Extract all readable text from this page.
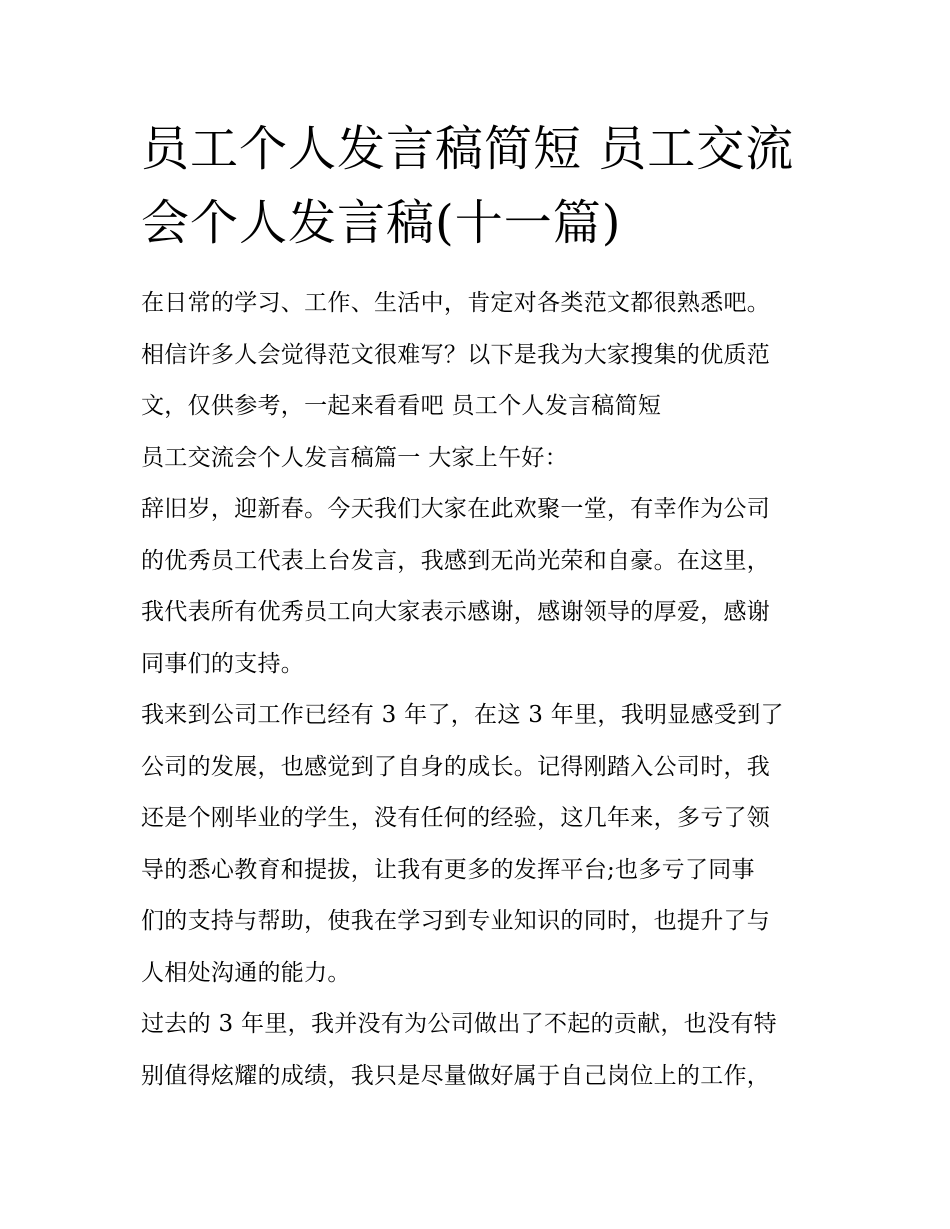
员工个人发言稿简短 员工交流
会个人发言稿(十一篇)

在日常的学习、工作、生活中，肯定对各类范文都很熟悉吧。
相信许多人会觉得范文很难写？以下是我为大家搜集的优质范
文，仅供参考，一起来看看吧 员工个人发言稿简短

员工交流会个人发言稿篇一 大家上午好：

辞旧岁，迎新春。今天我们大家在此欢聚一堂，有幸作为公司
的优秀员工代表上台发言，我感到无尚光荣和自豪。在这里，
我代表所有优秀员工向大家表示感谢，感谢领导的厚爱，感谢
同事们的支持。

我来到公司工作已经有 3 年了，在这 3 年里，我明显感受到了
公司的发展，也感觉到了自身的成长。记得刚踏入公司时，我
还是个刚毕业的学生，没有任何的经验，这几年来，多亏了领
导的悉心教育和提拔，让我有更多的发挥平台;也多亏了同事
们的支持与帮助，使我在学习到专业知识的同时，也提升了与
人相处沟通的能力。

过去的 3 年里，我并没有为公司做出了不起的贡献，也没有特
别值得炫耀的成绩，我只是尽量做好属于自己岗位上的工作，
